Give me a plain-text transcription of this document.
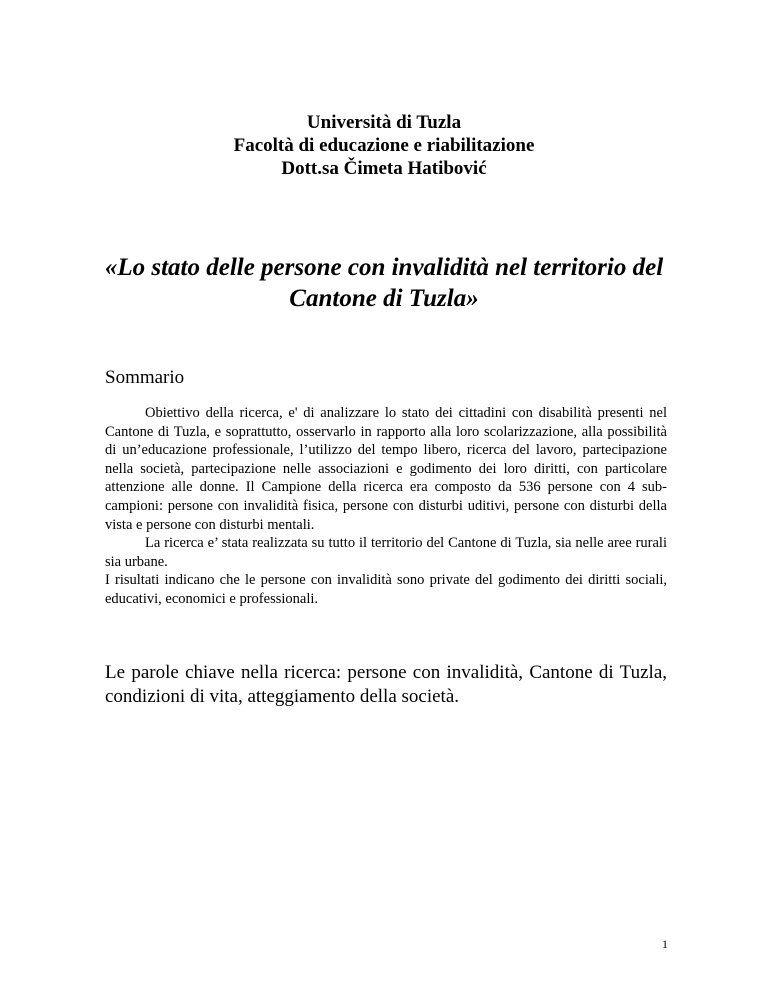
Università di Tuzla
Facoltà di educazione e riabilitazione
Dott.sa Čimeta Hatibović
«Lo stato delle persone con invalidità nel territorio del Cantone di Tuzla»
Sommario

Obiettivo della ricerca, e' di analizzare lo stato dei cittadini con disabilità presenti nel Cantone di Tuzla, e soprattutto, osservarlo in rapporto alla loro scolarizzazione, alla possibilità di un’educazione professionale, l’utilizzo del tempo libero, ricerca del lavoro, partecipazione nella società, partecipazione nelle associazioni e godimento dei loro diritti, con particolare attenzione alle donne. Il Campione della ricerca era composto da 536 persone con 4 sub-campioni: persone con invalidità fisica, persone con disturbi uditivi, persone con disturbi della vista e persone con disturbi mentali.

La ricerca e’ stata realizzata su tutto il territorio del Cantone di Tuzla, sia nelle aree rurali sia urbane.

I risultati indicano che le persone con invalidità sono private del godimento dei diritti sociali, educativi, economici e professionali.

Le parole chiave nella ricerca: persone con invalidità, Cantone di Tuzla, condizioni di vita, atteggiamento della società.
1
